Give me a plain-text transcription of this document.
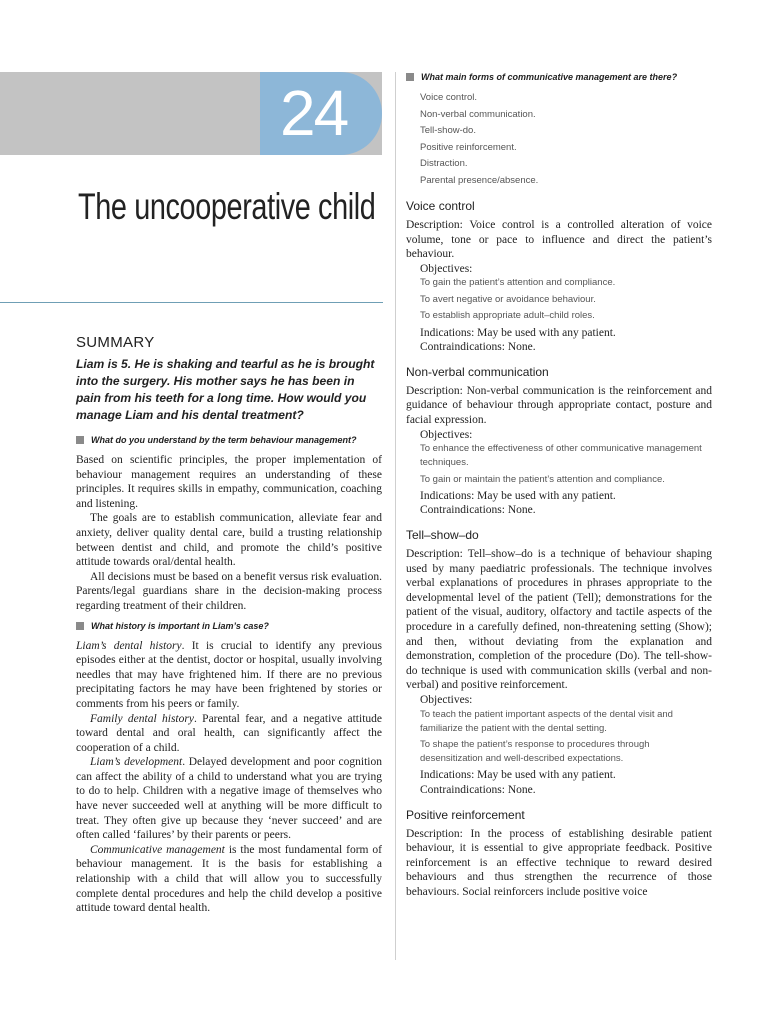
24
The uncooperative child
SUMMARY
Liam is 5. He is shaking and tearful as he is brought into the surgery. His mother says he has been in pain from his teeth for a long time. How would you manage Liam and his dental treatment?
What do you understand by the term behaviour management?
Based on scientific principles, the proper implementation of behaviour management requires an understanding of these principles. It requires skills in empathy, communication, coaching and listening.
The goals are to establish communication, alleviate fear and anxiety, deliver quality dental care, build a trusting relationship between dentist and child, and promote the child’s positive attitude towards oral/dental health.
All decisions must be based on a benefit versus risk evaluation. Parents/legal guardians share in the decision-making process regarding treatment of their children.
What history is important in Liam’s case?
Liam’s dental history. It is crucial to identify any previous episodes either at the dentist, doctor or hospital, usually involving needles that may have frightened him. If there are no previous precipitating factors he may have been frightened by stories or comments from his peers or family.
Family dental history. Parental fear, and a negative attitude toward dental and oral health, can significantly affect the cooperation of a child.
Liam’s development. Delayed development and poor cognition can affect the ability of a child to understand what you are trying to do to help. Children with a negative image of themselves who have never succeeded well at anything will be more difficult to treat. They often give up because they ‘never succeed’ and are often called ‘failures’ by their parents or peers.
Communicative management is the most fundamental form of behaviour management. It is the basis for establishing a relationship with a child that will allow you to successfully complete dental procedures and help the child develop a positive attitude toward dental health.
What main forms of communicative management are there?
Voice control.
Non-verbal communication.
Tell-show-do.
Positive reinforcement.
Distraction.
Parental presence/absence.
Voice control
Description: Voice control is a controlled alteration of voice volume, tone or pace to influence and direct the patient’s behaviour.
Objectives:
To gain the patient’s attention and compliance.
To avert negative or avoidance behaviour.
To establish appropriate adult–child roles.
Indications: May be used with any patient.
Contraindications: None.
Non-verbal communication
Description: Non-verbal communication is the reinforcement and guidance of behaviour through appropriate contact, posture and facial expression.
Objectives:
To enhance the effectiveness of other communicative management techniques.
To gain or maintain the patient’s attention and compliance.
Indications: May be used with any patient.
Contraindications: None.
Tell–show–do
Description: Tell–show–do is a technique of behaviour shaping used by many paediatric professionals. The technique involves verbal explanations of procedures in phrases appropriate to the developmental level of the patient (Tell); demonstrations for the patient of the visual, auditory, olfactory and tactile aspects of the procedure in a carefully defined, non-threatening setting (Show); and then, without deviating from the explanation and demonstration, completion of the procedure (Do). The tell-show-do technique is used with communication skills (verbal and non-verbal) and positive reinforcement.
Objectives:
To teach the patient important aspects of the dental visit and familiarize the patient with the dental setting.
To shape the patient’s response to procedures through desensitization and well-described expectations.
Indications: May be used with any patient.
Contraindications: None.
Positive reinforcement
Description: In the process of establishing desirable patient behaviour, it is essential to give appropriate feedback. Positive reinforcement is an effective technique to reward desired behaviours and thus strengthen the recurrence of those behaviours. Social reinforcers include positive voice
